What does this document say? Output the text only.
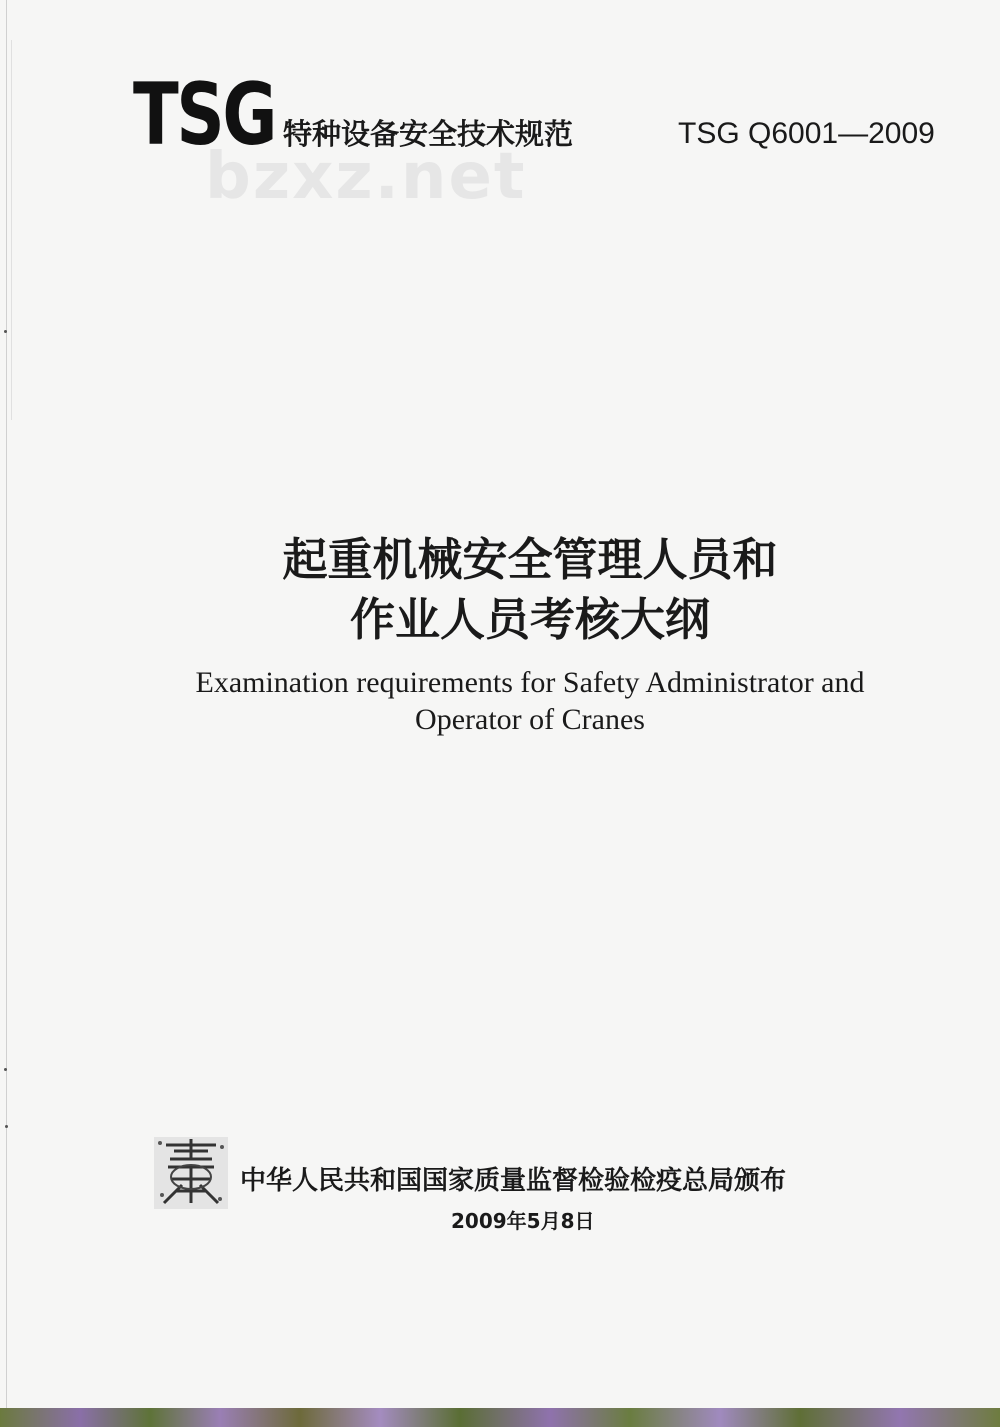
TSG 特种设备安全技术规范	TSG Q6001—2009
bzxz.net
起重机械安全管理人员和
作业人员考核大纲
Examination requirements for Safety Administrator and
Operator of Cranes
中华人民共和国国家质量监督检验检疫总局颁布
2009年5月8日
